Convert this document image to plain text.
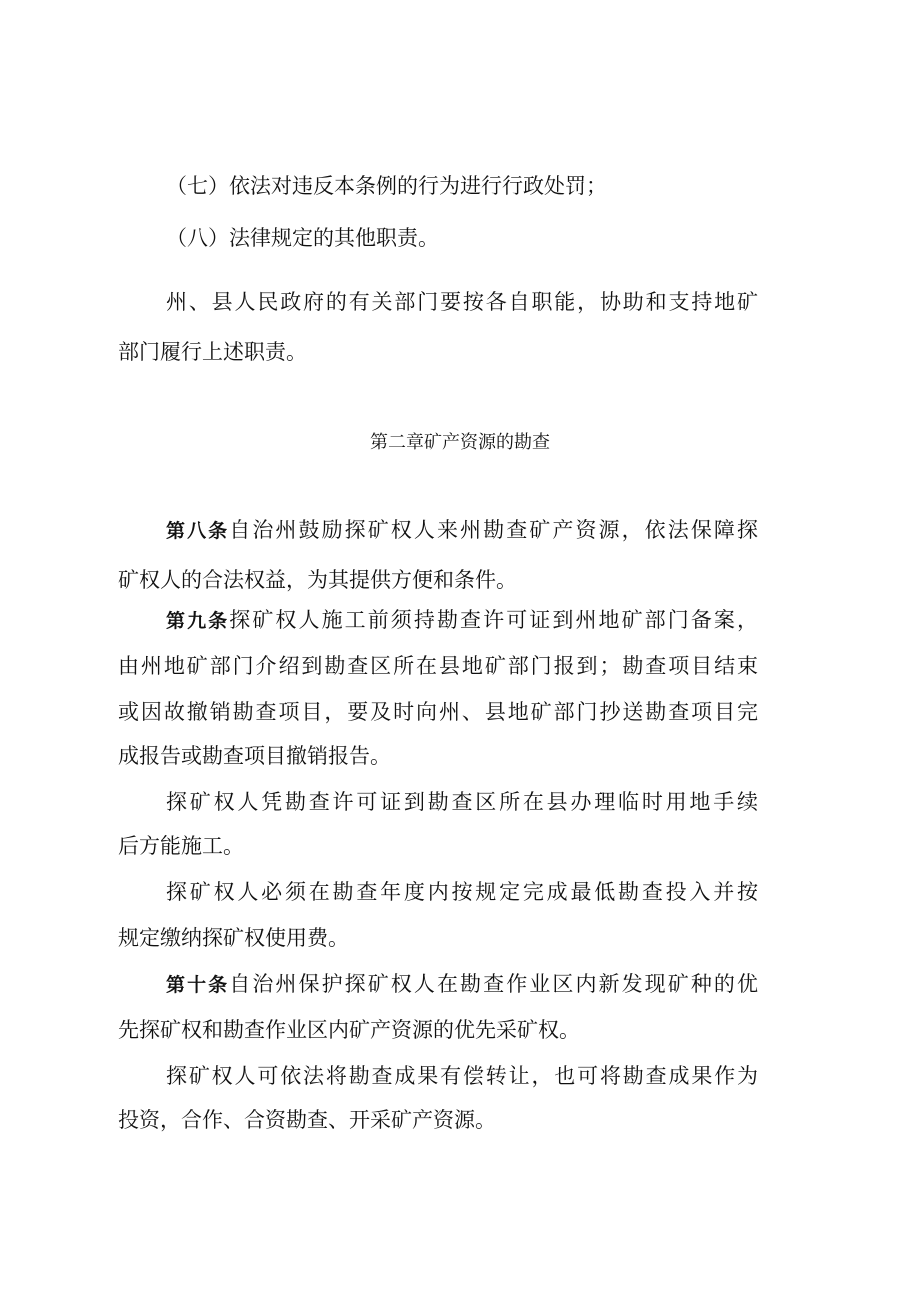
（七）依法对违反本条例的行为进行行政处罚；
（八）法律规定的其他职责。
州、县人民政府的有关部门要按各自职能，协助和支持地矿
部门履行上述职责。
第二章矿产资源的勘查
第八条自治州鼓励探矿权人来州勘查矿产资源，依法保障探
矿权人的合法权益，为其提供方便和条件。
第九条探矿权人施工前须持勘查许可证到州地矿部门备案，
由州地矿部门介绍到勘查区所在县地矿部门报到；勘查项目结束
或因故撤销勘查项目，要及时向州、县地矿部门抄送勘查项目完
成报告或勘查项目撤销报告。
探矿权人凭勘查许可证到勘查区所在县办理临时用地手续
后方能施工。
探矿权人必须在勘查年度内按规定完成最低勘查投入并按
规定缴纳探矿权使用费。
第十条自治州保护探矿权人在勘查作业区内新发现矿种的优
先探矿权和勘查作业区内矿产资源的优先采矿权。
探矿权人可依法将勘查成果有偿转让，也可将勘查成果作为
投资，合作、合资勘查、开采矿产资源。
